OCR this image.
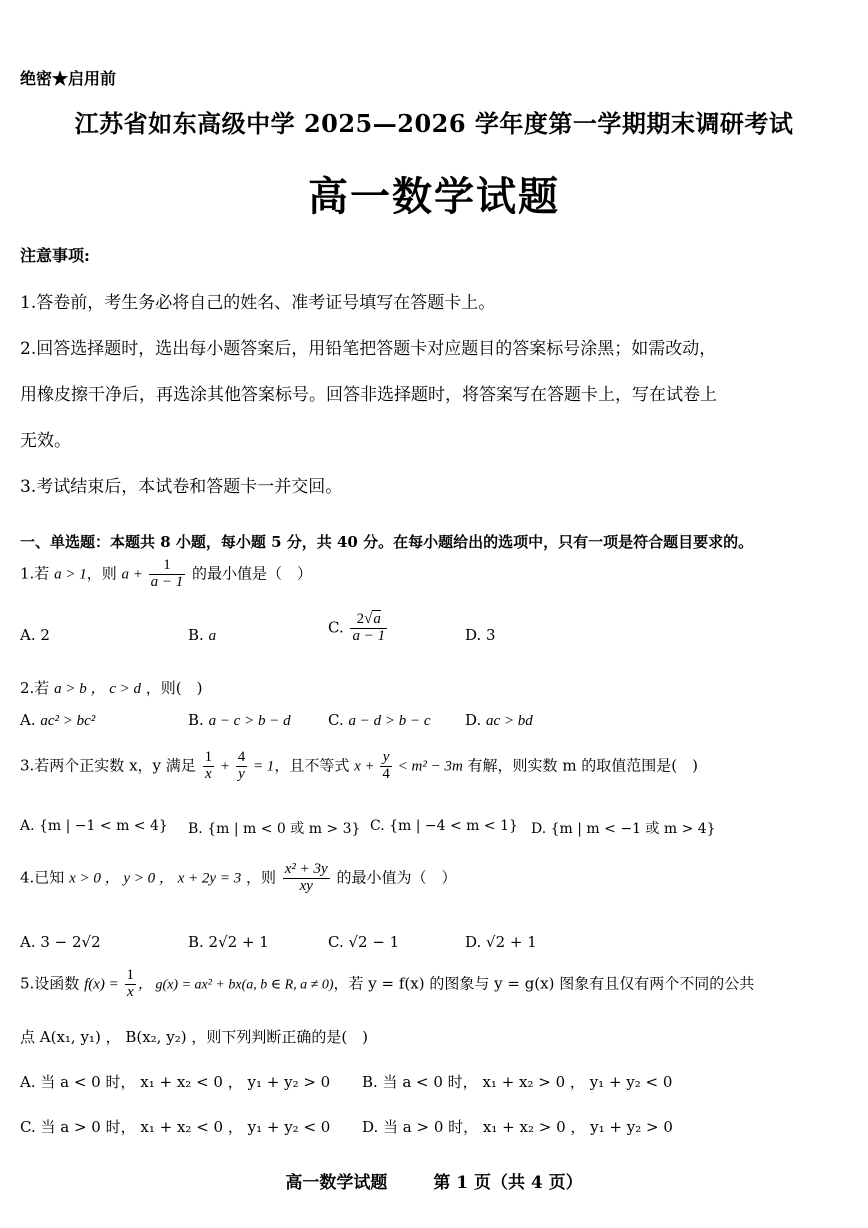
绝密★启用前
江苏省如东高级中学 2025—2026 学年度第一学期期末调研考试
高一数学试题
注意事项:
1.答卷前，考生务必将自己的姓名、准考证号填写在答题卡上。
2.回答选择题时，选出每小题答案后，用铅笔把答题卡对应题目的答案标号涂黑；如需改动，
用橡皮擦干净后，再选涂其他答案标号。回答非选择题时，将答案写在答题卡上，写在试卷上
无效。
3.考试结束后，本试卷和答题卡一并交回。
一、单选题：本题共 8 小题，每小题 5 分，共 40 分。在每小题给出的选项中，只有一项是符合题目要求的。
1.若 a > 1，则 $a + \frac{1}{a - 1}$ 的最小值是（　）
A. 2	B. a	C. $\frac{2√a}{a - 1}$	D. 3
2.若 a > b ， c > d ，则(　)
A. ac² > bc²	B. a − c > b − d C. a − d > b − c D. ac > bd
3.若两个正实数 x，y 满足 $\frac{1}{x} + \frac{4}{y} = 1$，且不等式 $x + \frac{y}{4} < m^2 - 3m$ 有解，则实数 m 的取值范围是(　)
A. {m | −1 < m < 4} B. {m | m < 0 或 m > 3} C. {m | −4 < m < 1} D. {m | m < −1 或 m > 4}
4.已知 x > 0 ， y > 0 ， x + 2y = 3 ，则 $\frac{\text{x² + 3y}}{xy}$ 的最小值为（　）
A. 3 − 2√2	B. 2√2 + 1	C. √2 − 1	D. √2 + 1
5.设函数 $f(x) = \frac{1}{x}$ ， g(x) = ax² + bx(a, b ∈ R, a ≠ 0)，若 y = f(x) 的图象与 y = g(x) 图象有且仅有两个不同的公共
点 A(x₁, y₁) ， B(x₂, y₂) ，则下列判断正确的是(　)
A. 当 a < 0 时， x₁ + x₂ < 0 ， y₁ + y₂ > 0 B. 当 a < 0 时， x₁ + x₂ > 0 ， y₁ + y₂ < 0
C. 当 a > 0 时， x₁ + x₂ < 0 ， y₁ + y₂ < 0 D. 当 a > 0 时， x₁ + x₂ > 0 ， y₁ + y₂ > 0
高一数学试题	第 1 页（共 4 页）
